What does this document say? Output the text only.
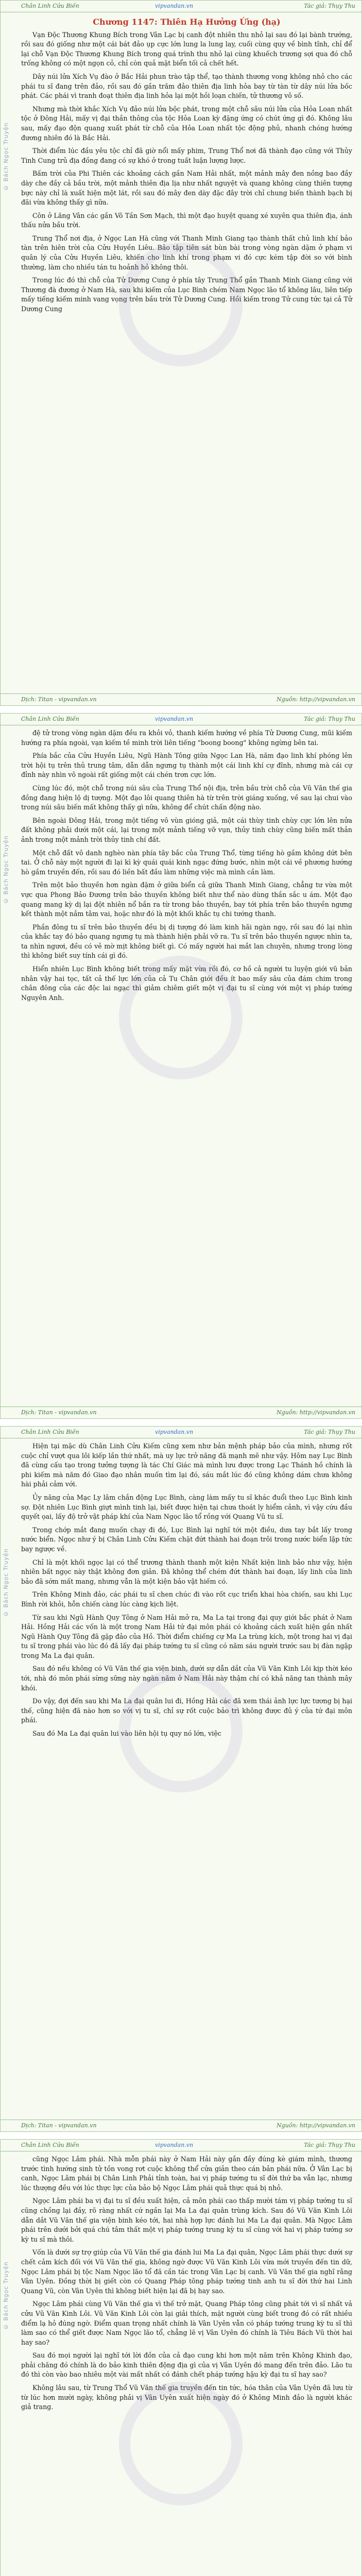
© Bách Ngọc Truyện
Chân Linh Cửu Biến	vipvandan.vn	Tác giả: Thụy Thu
Chương 1147: Thiên Hạ Hưởng Ứng (hạ)

Vạn Độc Thương Khung Bích trong Vân Lạc bị canh đột nhiên thu nhỏ lại sau đó lại bành trướng, rồi sau đó giống như một cái bát đảo ụp cực lớn lung la lung lay, cuối cùng quy về bình tĩnh, chỉ để lại chỗ Vạn Độc Thương Khung Bích trong quá trình thu nhỏ lại cùng khuếch trương sợi qua đó chỗ trống không có một ngọn cỏ, chỉ còn quả mặt biển tối cả chết hết.

Dây núi lửa Xích Vụ đào ở Bắc Hải phun trào tập thể, tạo thành thương vong không nhỏ cho các phái tu sĩ đang trên đảo, rồi sau đó gần trăm đảo thiên địa linh hỏa bay từ tàn từ dây núi lửa bốc phát. Các phái vì tranh đoạt thiên địa linh hỏa lại một hồi loạn chiến, tử thương vô số.

Nhưng mà thời khắc Xích Vụ đảo núi lửa bộc phát, trong một chỗ sâu núi lửa của Hỏa Loan nhất tộc ở Đông Hải, mấy vị đại thần thông của tộc Hỏa Loan kỳ đặng ứng có chút ứng gì đó. Không lâu sau, mấy đạo độn quang xuất phát từ chỗ của Hỏa Loan nhất tộc động phủ, nhanh chóng hướng đương nhiên đó là Bắc Hải.

Thời điểm lúc đầu yêu tộc chỉ đã giờ nổi mấy phim, Trung Thổ nơi đã thành đạo cũng với Thủy Tinh Cung trủ địa đồng đang có sự khó ở trong tuất luận lượng lược.

Bấm trời của Phi Thiên các khoảng cách gần Nam Hải nhất, một mảnh mây đen nồng bao đầy dày che đầy cả bầu trời, một mảnh thiên địa lịa như nhất nguyệt và quang không cùng thiên tượng bực này chỉ là xuất hiện một lát, rồi sau đó mây đen dày đặc đây trời chỉ chung biến thành bạch bị đãi vừa không thấy gì nữa.

Côn ở Lăng Vân các gần Võ Tần Sơn Mạch, thì một đạo huyệt quang xé xuyên qua thiên địa, ánh thấu nửa bầu trời.

Trung Thổ nơi địa, ở Ngọc Lan Hà cũng với Thanh Minh Giang tạo thành thất chủ linh khí bảo tàn trên hiên trời của Cửu Huyền Liêu. Bảo tập tiên sát bùn bài trong vòng ngàn dặm ở phạm vi quân lý của Cửu Huyền Liêu, khiến cho linh khí trong phạm vi đó cực kém tập đời so với bình thường, làm cho nhiều tán tu hoảnh hỏ không thôi.

Trong lúc đó thì chỗ của Tử Dương Cung ở phía tây Trung Thổ gần Thanh Minh Giang cũng với Thương đà đương ở Nam Hà, sau khi kiếm của Lục Bình chém Nam Ngọc lão tổ không lâu, liên tiếp mấy tiếng kiếm minh vang vọng trên bầu trời Tử Dương Cung. Hồi kiếm trong Tử cung tức tại cả Tử Dương Cung

Dịch: Titan - vipvandan.vn	Nguồn: http://vipvandan.vn
© Bách Ngọc Truyện
Chân Linh Cửu Biến	vipvandan.vn	Tác giả: Thụy Thu

đệ tử trong vòng ngàn dặm đều ra khỏi vỏ, thanh kiếm hướng về phía Tử Dương Cung, mũi kiếm hướng ra phía ngoài, vạn kiếm tề minh trời liên tiếng "boong boong" không ngừng bên tai.

Phía bắc của Cửu Huyền Liêu, Ngũ Hành Tông giữa Ngọc Lan Hà, năm đạo linh khí phóng lên trời hội tụ trên thủ trung tâm, dẫn dẫn ngưng tụ thành một cái linh khí cự đĩnh, nhưng mà cái cự đỉnh này nhìn vô ngoài rất giống một cái chén trơn cực lớn.

Cùng lúc đó, một chỗ trong núi sâu của Trung Thổ nội địa, trên bầu trời chỗ của Vũ Văn thế gia đồng đang hiện lộ dị tượng. Một đạo lôi quang thiên hà từ trên trời giáng xuống, về sau lại chui vào trong núi sâu biến mất không thấy gì nữa, không để chút chấn động nào.

Bên ngoài Đông Hải, trong một tiếng vô vùn gióng giả, một cái thùy tinh chùy cực lớn lên nửa đất không phải dưới một cái, lại trong một mảnh tiếng vỡ vụn, thủy tinh chùy cũng biến mất thản ảnh trong một mảnh trời thủy tinh chí đất.

Một chỗ đất vô danh nghèo nàn phía tây bắc của Trung Thổ, từng tiếng hò gầm không dứt bên tai. Ở chỗ này một người đi lại kì kỳ quái quái kinh ngạc đứng bước, nhìn một cái về phương hướng hò gầm truyền đến, rồi sau đó liền bất đầu làm những việc mà mình cần làm.

Trên một bảo thuyền hơn ngàn đặm ở giữa biển cả giữa Thanh Minh Giang, chẳng tư vừa một vực qua Phong Bảo Đương trên bảo thuyền không biết như thể nào dùng thần sắc u ám. Một đạo quang mang kỳ dị lại đột nhiên nổ bắn ra từ trong bảo thuyền, bay tới phía trên bảo thuyền ngưng kết thành một nắm tâm vai, hoặc như đó là một khối khắc tụ chi tướng thanh.

Phần đông tu sĩ trên bảo thuyền đều bị dị tượng đó làm kinh hãi ngàn ngọ, rồi sau đó lại nhìn của khắc tay đó bảo quang ngưng tụ mà thành hiện phải vỡ ra. Tu sĩ trên bảo thuyền ngược nhìn ta, ta nhìn ngươi, đều có vẻ mờ mịt không biết gì. Có mấy người hai mắt lan chuyên, nhưng trong lòng thì không biết suy tính cái gì đó.

Hiển nhiên Lục Bình không biết trong mấy mặt vừa rồi đó, cơ hồ cả người tu luyện giới vũ bản nhân vậy hai tọc, tất cả thế lực lớn của cả Tu Chân giới đều ít bao mấy sâu của đám chim trong chân đông của các độc lai ngạc thì giảm chiêm giết một vị đại tu sĩ cùng với một vị pháp tướng Nguyên Anh.

Dịch: Titan - vipvandan.vn	Nguồn: http://vipvandan.vn
© Bách Ngọc Truyện
Chân Linh Cửu Biến	vipvandan.vn	Tác giả: Thụy Thu

Hiện tại mặc dù Chân Linh Cửu Kiếm cũng xem như bản mệnh pháp bảo của mình, nhưng rốt cuộc chỉ vượt qua lôi kiếp lần thứ nhất, mà uy lực trở năng đã mạnh mẽ như vậy. Hôm nay Lục Bình đã cùng cấu tạo trong tưởng tượng là tác Chí Giác mà mình lưu được trong Lạc Thánh hồ chính là phi kiếm mà năm đó Giao đạo nhân muốn tìm lại đó, sáu mắt lúc đó cũng không dám chưa không hài phải cảm với.

Ủy năng của Mạc Ly lâm chắn động Lục Bình, càng làm mấy tu sĩ khác đuổi theo Lục Bình kinh sợ. Đột nhiên Lục Bình giựt mình tinh lại, biết được hiện tại chưa thoát ly hiểm cảnh, vì vậy cứu đầu quyết ọai, lấy độ trở vật pháp khí của Nam Ngọc lão tổ rồng với Quang Vũ tu sĩ.

Trong chớp mắt đang muốn chạy đi đó, Lục Bình lại nghĩ tới một điều, dưa tay bắt lấy trong nước biển. Ngọc như ý bị Chân Linh Cửu Kiếm chặt đứt thành hai đoạn trôi trong nước biển lập tức bay ngược về.

Chỉ là một khối ngọc lại có thể trương thành thanh một kiện Nhất kiện linh bảo như vậy, hiện nhiên bất ngọc này thật không đơn giản. Đã không thể chém đứt thành hai đoạn, lấy linh của linh bảo đã sớm mất mang, nhưng vẫn là một kiện bảo vật hiếm có.

Trên Không Minh đảo, các phái tu sĩ chen chúc đi vào rốt cục triển khai hòa chiến, sau khi Lục Bình rời khỏi, hỗn chiến càng lúc càng kịch liệt.

Từ sau khi Ngũ Hành Quy Tông ở Nam Hải mở ra, Ma La tại trong đại quy giới bắc phát ở Nam Hải. Hồng Hải các vốn là một trong Nam Hải tứ đại môn phái có khoảng cách xuất hiện gần nhất Ngũ Hành Quy Tông đã gặp đảo của Hồ. Thời điểm chiếng cự Ma La trùng kích, một trong hai vị đại tu sĩ trong phái vào lúc đó đã lấy đại pháp tướng tu sĩ cũng có năm sáu người trước sau bị đàn ngập trong Ma La đại quân.

Sau đó nếu không có Vũ Văn thế gia viện binh, dưới sự dẫn dắt của Vũ Văn Kinh Lôi kịp thời kéo tới, nhà đó môn phái sừng sững này ngàn năm ở Nam Hải này thậm chí có khả năng tan thành mây khói.

Do vậy, đợi đến sau khi Ma La đại quân lui đi, Hồng Hải các đã xem thái ảnh lực lực tương bị hại thế, cũng hiện đã nào hơn so với vị tu sĩ, chỉ sự rốt cuộc bảo trì không được đủ ý của tứ đại môn phái.

Sau đó Ma La đại quân lui vào liên hội tụ quy nó lớn, việc

Dịch: Titan - vipvandan.vn	Nguồn: http://vipvandan.vn
© Bách Ngọc Truyện
Chân Linh Cửu Biến	vipvandan.vn	Tác giả: Thụy Thu

cũng Ngọc Lâm phái. Nhà mỗn phái này ở Nam Hải này gắn đầy đúng kè giám mình, thương trước tình hướng sinh tử tồn vong rơt cuộc không thể cửa giản theo cán bản phái nữa. Ở Vân Lạc bị canh, Ngọc Lâm phái bị Chân Linh Phải tỉnh toàn, hai vị pháp tướng tu sĩ đời thứ ba vẫn lạc, nhưng lúc thượng đều với lúc thực lực của bảo bộ Ngọc Lâm phái quả thực quá bị nhỏ.

Ngọc Lâm phái ba vị đại tu sĩ đều xuất hiện, cả môn phái cao thấp mười tám vị pháp tướng tu sĩ cũng chồng lại đầy, rõ ràng nhất cứ ngần lại Ma La đại quân trùng kích. Sau đó Vũ Văn Kinh Lôi dẫn dắt Vũ Văn thế gia viện binh kéo tới, hai nhà hợp lực đánh lui Ma La đại quân. Mà Ngọc Lâm phái trên dưới bởi quá chú tâm thất một vị pháp tướng trung kỳ tu sĩ cùng với hai vị pháp tướng sơ kỳ tu sĩ mà thôi.

Vốn là dưới sự trợ giúp của Vũ Văn thế gia đánh lui Ma La đại quân, Ngọc Lâm phái thực dưới sự chết cảm kích đối với Vũ Văn thế gia, không ngờ được Vũ Văn Kinh Lôi vừa mới truyền đến tin dữ, Ngọc Lâm phái bị tộc Nam Ngọc lão tổ đã cần tác trong Vân Lạc bị canh. Vũ Văn thế gia nghĩ rằng Vân Uyên. Đồng thời bị giết còn có Quang Pháp tông pháp tướng tinh anh tu sĩ đời thứ hai Linh Quang Vũ, còn Vân Uyên thì không biết hiện lại đã bị hay sao.

Ngọc Lâm phái cùng Vũ Văn thế gia vì thế trở mặt, Quang Pháp tông cũng phát tới vì sĩ nhất vả cửu Vũ Văn Kinh Lôi. Vũ Văn Kinh Lôi còn lại giải thích, mặt người cùng biết trong đó có rất nhiều điểm lạ hỏ đúng ngờ. Điểm quan trọng nhất chính là Vân Uyên vẫn có pháp tướng trung kỳ tu sĩ thì làm sao có thể giết được Nam Ngọc lão tổ, chẳng lẽ vị Vân Uyên đó chính là Tiêu Bách Vũ thời hai hay sao?

Sau đó mọi người lại nghĩ tới lời đồn của cả đạo cung khi hơn một năm trên Không Khinh đạo, phải chăng đó chính là do bảo kinh thiên động địa gì của vị Vân Uyên đó mang đến trên đảo. Lão tu đó thì còn vào bao nhiêu một vài mất nhất có đánh chết pháp tướng hậu kỳ đại tu sĩ hay sao?

Không lâu sau, từ Trung Thổ Vũ Văn thế gia truyền đến tin tức, hóa thân của Vân Uyên đã lưu từ từ lúc hơn mười ngày, không phải vị Vân Uyên xuất hiện ngày đó ở Không Minh đảo là người khác giả trang.
